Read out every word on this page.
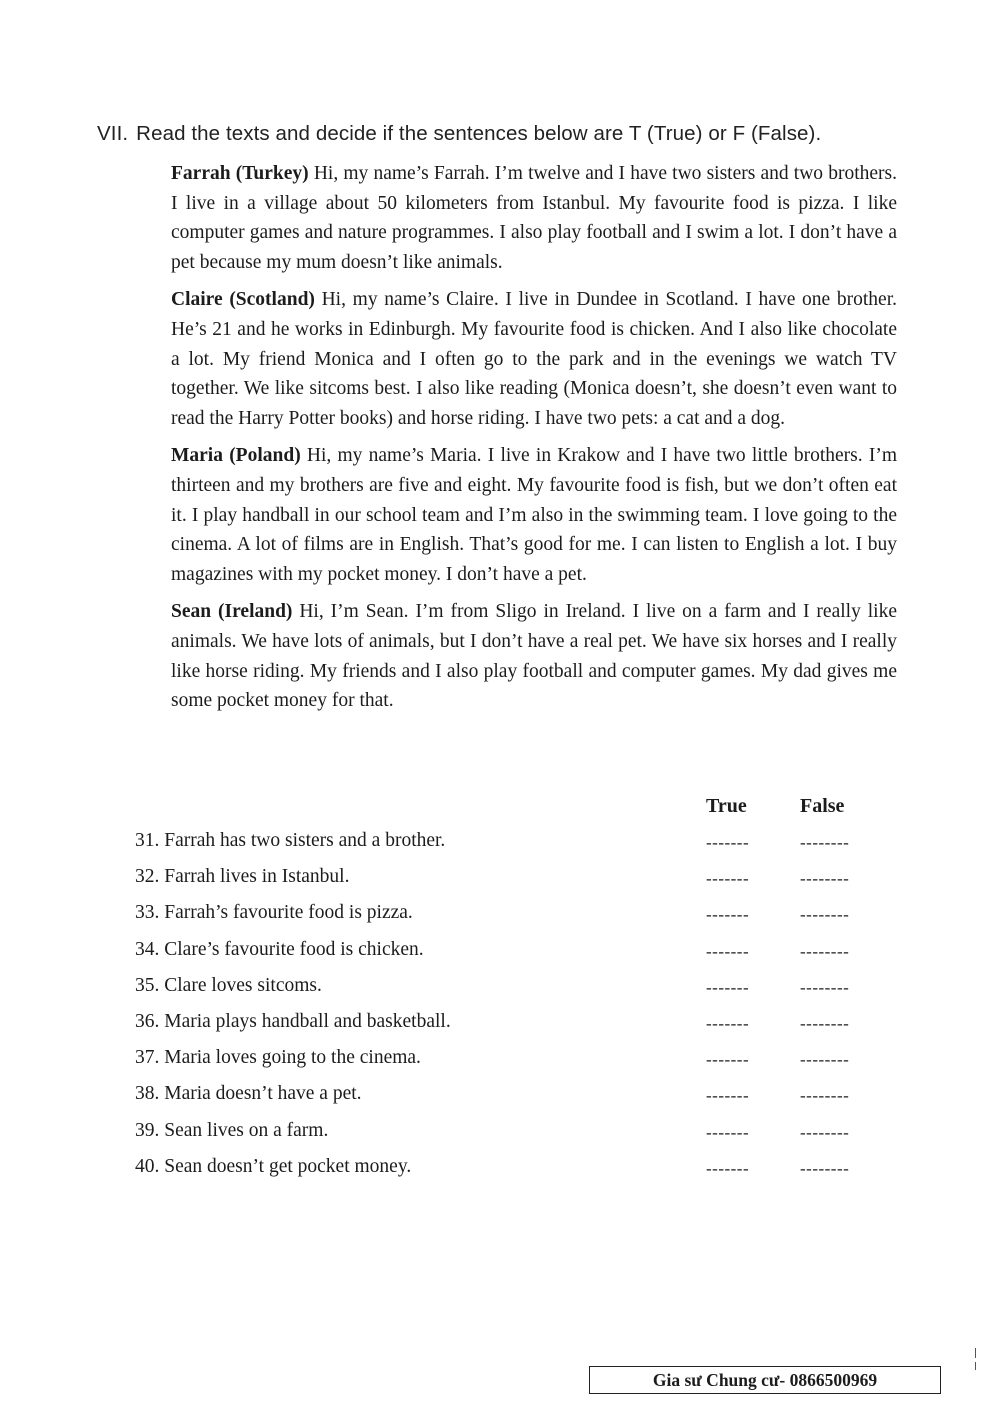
VII. Read the texts and decide if the sentences below are T (True) or F (False).

Farrah (Turkey) Hi, my name’s Farrah. I’m twelve and I have two sisters and two brothers. I live in a village about 50 kilometers from Istanbul. My favourite food is pizza. I like computer games and nature programmes. I also play football and I swim a lot. I don’t have a pet because my mum doesn’t like animals.

Claire (Scotland) Hi, my name’s Claire. I live in Dundee in Scotland. I have one brother. He’s 21 and he works in Edinburgh. My favourite food is chicken. And I also like chocolate a lot. My friend Monica and I often go to the park and in the evenings we watch TV together. We like sitcoms best. I also like reading (Monica doesn’t, she doesn’t even want to read the Harry Potter books) and horse riding. I have two pets: a cat and a dog.

Maria (Poland) Hi, my name’s Maria. I live in Krakow and I have two little brothers. I’m thirteen and my brothers are five and eight. My favourite food is fish, but we don’t often eat it. I play handball in our school team and I’m also in the swimming team. I love going to the cinema. A lot of films are in English. That’s good for me. I can listen to English a lot. I buy magazines with my pocket money. I don’t have a pet.

Sean (Ireland) Hi, I’m Sean. I’m from Sligo in Ireland. I live on a farm and I really like animals. We have lots of animals, but I don’t have a real pet. We have six horses and I really like horse riding. My friends and I also play football and computer games. My dad gives me some pocket money for that.

True	False
31. Farrah has two sisters and a brother.	-------	--------
32. Farrah lives in Istanbul.	-------	--------
33. Farrah’s favourite food is pizza.	-------	--------
34. Clare’s favourite food is chicken.	-------	--------
35. Clare loves sitcoms.	-------	--------
36. Maria plays handball and basketball.	-------	--------
37. Maria loves going to the cinema.	-------	--------
38. Maria doesn’t have a pet.	-------	--------
39. Sean lives on a farm.	-------	--------
40. Sean doesn’t get pocket money.	-------	--------
Gia sư Chung cư- 0866500969
